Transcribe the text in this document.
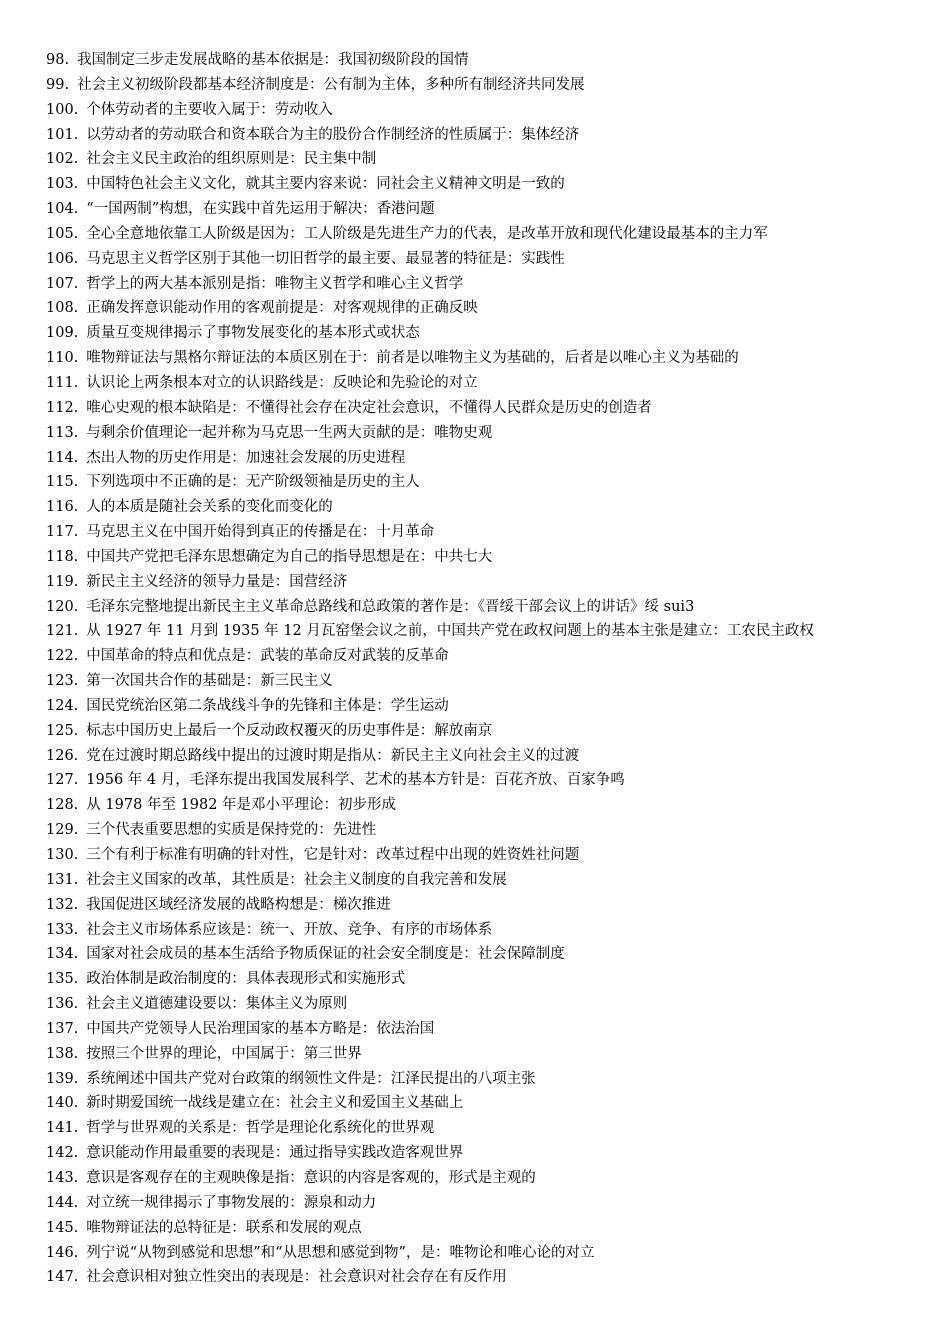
98. 我国制定三步走发展战略的基本依据是：我国初级阶段的国情
99. 社会主义初级阶段都基本经济制度是：公有制为主体，多种所有制经济共同发展
100. 个体劳动者的主要收入属于：劳动收入
101. 以劳动者的劳动联合和资本联合为主的股份合作制经济的性质属于：集体经济
102. 社会主义民主政治的组织原则是：民主集中制
103. 中国特色社会主义文化，就其主要内容来说：同社会主义精神文明是一致的
104. “一国两制”构想，在实践中首先运用于解决：香港问题
105. 全心全意地依靠工人阶级是因为：工人阶级是先进生产力的代表，是改革开放和现代化建设最基本的主力军
106. 马克思主义哲学区别于其他一切旧哲学的最主要、最显著的特征是：实践性
107. 哲学上的两大基本派别是指：唯物主义哲学和唯心主义哲学
108. 正确发挥意识能动作用的客观前提是：对客观规律的正确反映
109. 质量互变规律揭示了事物发展变化的基本形式或状态
110. 唯物辩证法与黑格尔辩证法的本质区别在于：前者是以唯物主义为基础的，后者是以唯心主义为基础的
111. 认识论上两条根本对立的认识路线是：反映论和先验论的对立
112. 唯心史观的根本缺陷是：不懂得社会存在决定社会意识，不懂得人民群众是历史的创造者
113. 与剩余价值理论一起并称为马克思一生两大贡献的是：唯物史观
114. 杰出人物的历史作用是：加速社会发展的历史进程
115. 下列选项中不正确的是：无产阶级领袖是历史的主人
116. 人的本质是随社会关系的变化而变化的
117. 马克思主义在中国开始得到真正的传播是在：十月革命
118. 中国共产党把毛泽东思想确定为自己的指导思想是在：中共七大
119. 新民主主义经济的领导力量是：国营经济
120. 毛泽东完整地提出新民主主义革命总路线和总政策的著作是：《晋绥干部会议上的讲话》绥 sui3
121. 从 1927 年 11 月到 1935 年 12 月瓦窑堡会议之前，中国共产党在政权问题上的基本主张是建立：工农民主政权
122. 中国革命的特点和优点是：武装的革命反对武装的反革命
123. 第一次国共合作的基础是：新三民主义
124. 国民党统治区第二条战线斗争的先锋和主体是：学生运动
125. 标志中国历史上最后一个反动政权覆灭的历史事件是：解放南京
126. 党在过渡时期总路线中提出的过渡时期是指从：新民主主义向社会主义的过渡
127. 1956 年 4 月，毛泽东提出我国发展科学、艺术的基本方针是：百花齐放、百家争鸣
128. 从 1978 年至 1982 年是邓小平理论：初步形成
129. 三个代表重要思想的实质是保持党的：先进性
130. 三个有利于标准有明确的针对性，它是针对：改革过程中出现的姓资姓社问题
131. 社会主义国家的改革，其性质是：社会主义制度的自我完善和发展
132. 我国促进区域经济发展的战略构想是：梯次推进
133. 社会主义市场体系应该是：统一、开放、竞争、有序的市场体系
134. 国家对社会成员的基本生活给予物质保证的社会安全制度是：社会保障制度
135. 政治体制是政治制度的：具体表现形式和实施形式
136. 社会主义道德建设要以：集体主义为原则
137. 中国共产党领导人民治理国家的基本方略是：依法治国
138. 按照三个世界的理论，中国属于：第三世界
139. 系统阐述中国共产党对台政策的纲领性文件是：江泽民提出的八项主张
140. 新时期爱国统一战线是建立在：社会主义和爱国主义基础上
141. 哲学与世界观的关系是：哲学是理论化系统化的世界观
142. 意识能动作用最重要的表现是：通过指导实践改造客观世界
143. 意识是客观存在的主观映像是指：意识的内容是客观的，形式是主观的
144. 对立统一规律揭示了事物发展的：源泉和动力
145. 唯物辩证法的总特征是：联系和发展的观点
146. 列宁说“从物到感觉和思想”和“从思想和感觉到物”，是：唯物论和唯心论的对立
147. 社会意识相对独立性突出的表现是：社会意识对社会存在有反作用
